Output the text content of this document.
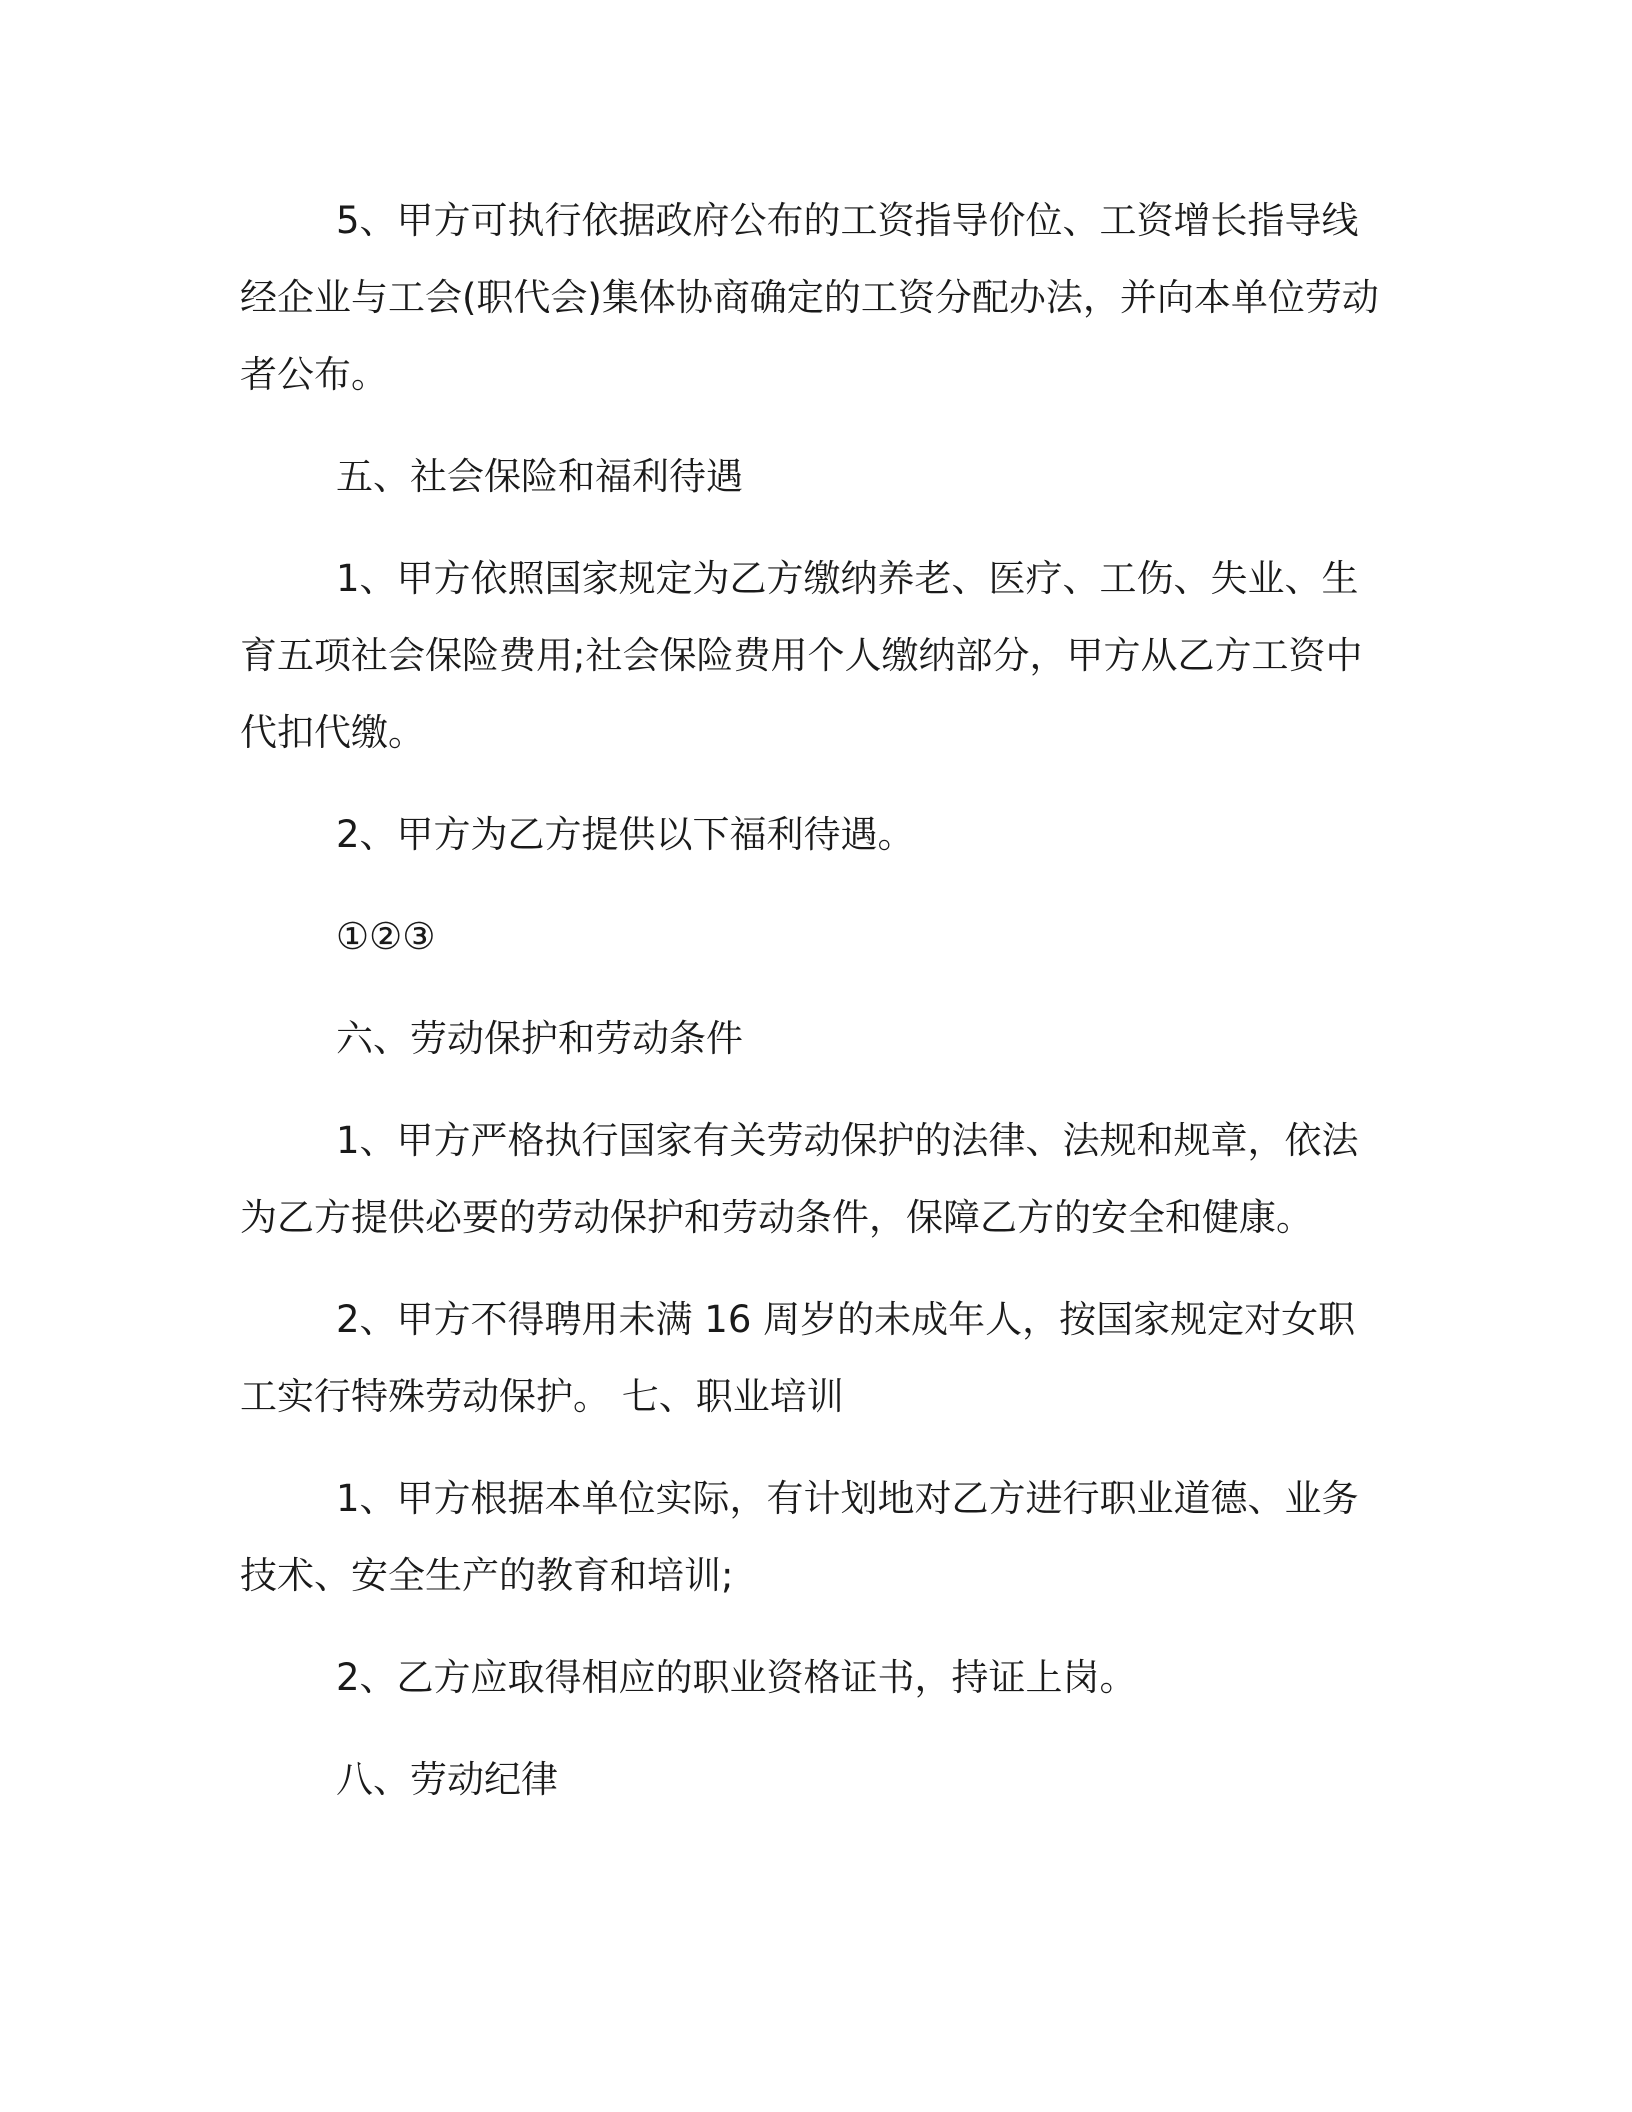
5、甲方可执行依据政府公布的工资指导价位、工资增长指导线经企业与工会(职代会)集体协商确定的工资分配办法，并向本单位劳动者公布。

五、社会保险和福利待遇

1、甲方依照国家规定为乙方缴纳养老、医疗、工伤、失业、生育五项社会保险费用;社会保险费用个人缴纳部分，甲方从乙方工资中代扣代缴。

2、甲方为乙方提供以下福利待遇。

①②③

六、劳动保护和劳动条件

1、甲方严格执行国家有关劳动保护的法律、法规和规章，依法为乙方提供必要的劳动保护和劳动条件，保障乙方的安全和健康。

2、甲方不得聘用未满 16 周岁的未成年人，按国家规定对女职工实行特殊劳动保护。 七、职业培训

1、甲方根据本单位实际，有计划地对乙方进行职业道德、业务技术、安全生产的教育和培训;

2、乙方应取得相应的职业资格证书，持证上岗。

八、劳动纪律
